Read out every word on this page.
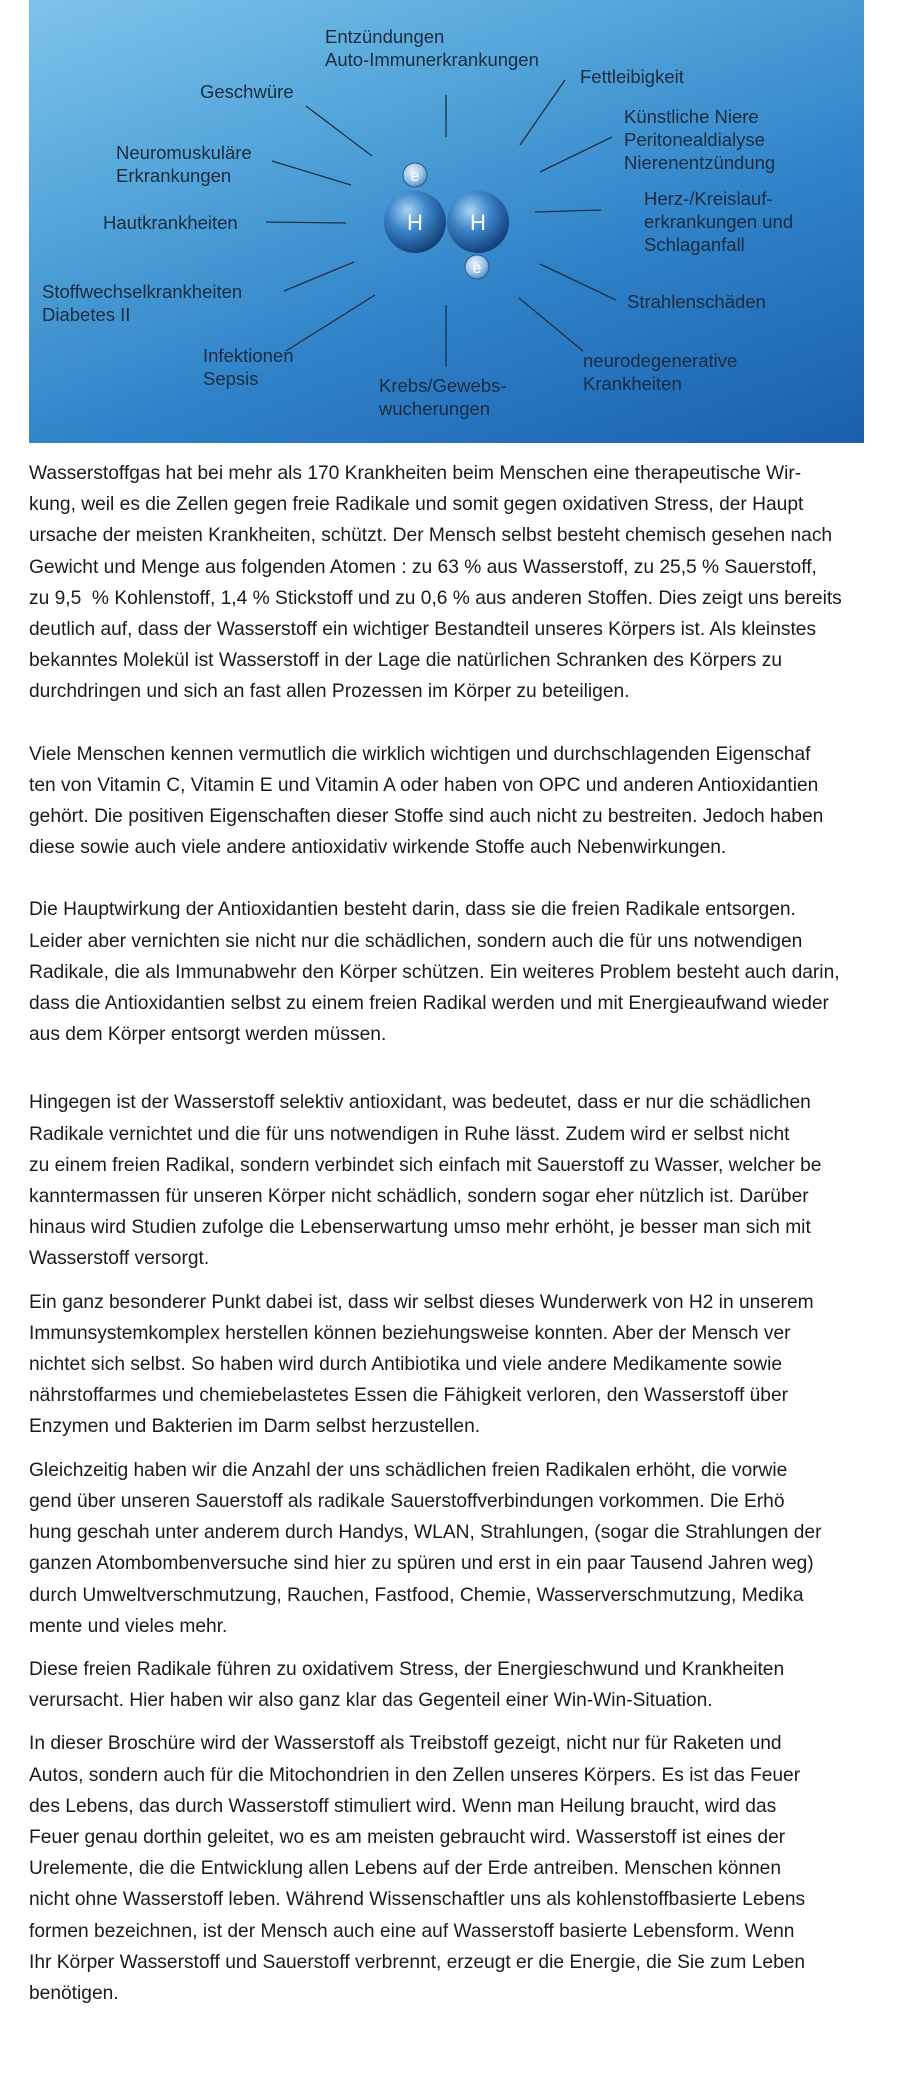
H H
e
e
Entzündungen
Auto-Immunerkrankungen
Fettleibigkeit
Geschwüre
Künstliche Niere
Peritonealdialyse
Nierenentzündung
Neuromuskuläre
Erkrankungen
Herz-/Kreislauf-
erkrankungen und
Schlaganfall
Hautkrankheiten
Stoffwechselkrankheiten
Diabetes II
Strahlenschäden
Infektionen
Sepsis
neurodegenerative
Krankheiten
Krebs/Gewebs-
wucherungen

Wasserstoffgas hat bei mehr als 170 Krankheiten beim Menschen eine therapeutische Wir-
kung, weil es die Zellen gegen freie Radikale und somit gegen oxidativen Stress, der Haupt
ursache der meisten Krankheiten, schützt. Der Mensch selbst besteht chemisch gesehen nach
Gewicht und Menge aus folgenden Atomen : zu 63 % aus Wasserstoff, zu 25,5 % Sauerstoff,
zu 9,5  % Kohlenstoff, 1,4 % Stickstoff und zu 0,6 % aus anderen Stoffen. Dies zeigt uns bereits
deutlich auf, dass der Wasserstoff ein wichtiger Bestandteil unseres Körpers ist. Als kleinstes
bekanntes Molekül ist Wasserstoff in der Lage die natürlichen Schranken des Körpers zu
durchdringen und sich an fast allen Prozessen im Körper zu beteiligen.

Viele Menschen kennen vermutlich die wirklich wichtigen und durchschlagenden Eigenschaf
ten von Vitamin C, Vitamin E und Vitamin A oder haben von OPC und anderen Antioxidantien
gehört. Die positiven Eigenschaften dieser Stoffe sind auch nicht zu bestreiten. Jedoch haben
diese sowie auch viele andere antioxidativ wirkende Stoffe auch Nebenwirkungen.

Die Hauptwirkung der Antioxidantien besteht darin, dass sie die freien Radikale entsorgen.
Leider aber vernichten sie nicht nur die schädlichen, sondern auch die für uns notwendigen
Radikale, die als Immunabwehr den Körper schützen. Ein weiteres Problem besteht auch darin,
dass die Antioxidantien selbst zu einem freien Radikal werden und mit Energieaufwand wieder
aus dem Körper entsorgt werden müssen.

Hingegen ist der Wasserstoff selektiv antioxidant, was bedeutet, dass er nur die schädlichen
Radikale vernichtet und die für uns notwendigen in Ruhe lässt. Zudem wird er selbst nicht
zu einem freien Radikal, sondern verbindet sich einfach mit Sauerstoff zu Wasser, welcher be
kanntermassen für unseren Körper nicht schädlich, sondern sogar eher nützlich ist. Darüber
hinaus wird Studien zufolge die Lebenserwartung umso mehr erhöht, je besser man sich mit
Wasserstoff versorgt.

Ein ganz besonderer Punkt dabei ist, dass wir selbst dieses Wunderwerk von H2 in unserem
Immunsystemkomplex herstellen können beziehungsweise konnten. Aber der Mensch ver
nichtet sich selbst. So haben wird durch Antibiotika und viele andere Medikamente sowie
nährstoffarmes und chemiebelastetes Essen die Fähigkeit verloren, den Wasserstoff über
Enzymen und Bakterien im Darm selbst herzustellen.

Gleichzeitig haben wir die Anzahl der uns schädlichen freien Radikalen erhöht, die vorwie
gend über unseren Sauerstoff als radikale Sauerstoffverbindungen vorkommen. Die Erhö
hung geschah unter anderem durch Handys, WLAN, Strahlungen, (sogar die Strahlungen der
ganzen Atombombenversuche sind hier zu spüren und erst in ein paar Tausend Jahren weg)
durch Umweltverschmutzung, Rauchen, Fastfood, Chemie, Wasserverschmutzung, Medika
mente und vieles mehr.

Diese freien Radikale führen zu oxidativem Stress, der Energieschwund und Krankheiten
verursacht. Hier haben wir also ganz klar das Gegenteil einer Win-Win-Situation.

In dieser Broschüre wird der Wasserstoff als Treibstoff gezeigt, nicht nur für Raketen und
Autos, sondern auch für die Mitochondrien in den Zellen unseres Körpers. Es ist das Feuer
des Lebens, das durch Wasserstoff stimuliert wird. Wenn man Heilung braucht, wird das
Feuer genau dorthin geleitet, wo es am meisten gebraucht wird. Wasserstoff ist eines der
Urelemente, die die Entwicklung allen Lebens auf der Erde antreiben. Menschen können
nicht ohne Wasserstoff leben. Während Wissenschaftler uns als kohlenstoffbasierte Lebens
formen bezeichnen, ist der Mensch auch eine auf Wasserstoff basierte Lebensform. Wenn
Ihr Körper Wasserstoff und Sauerstoff verbrennt, erzeugt er die Energie, die Sie zum Leben
benötigen.
